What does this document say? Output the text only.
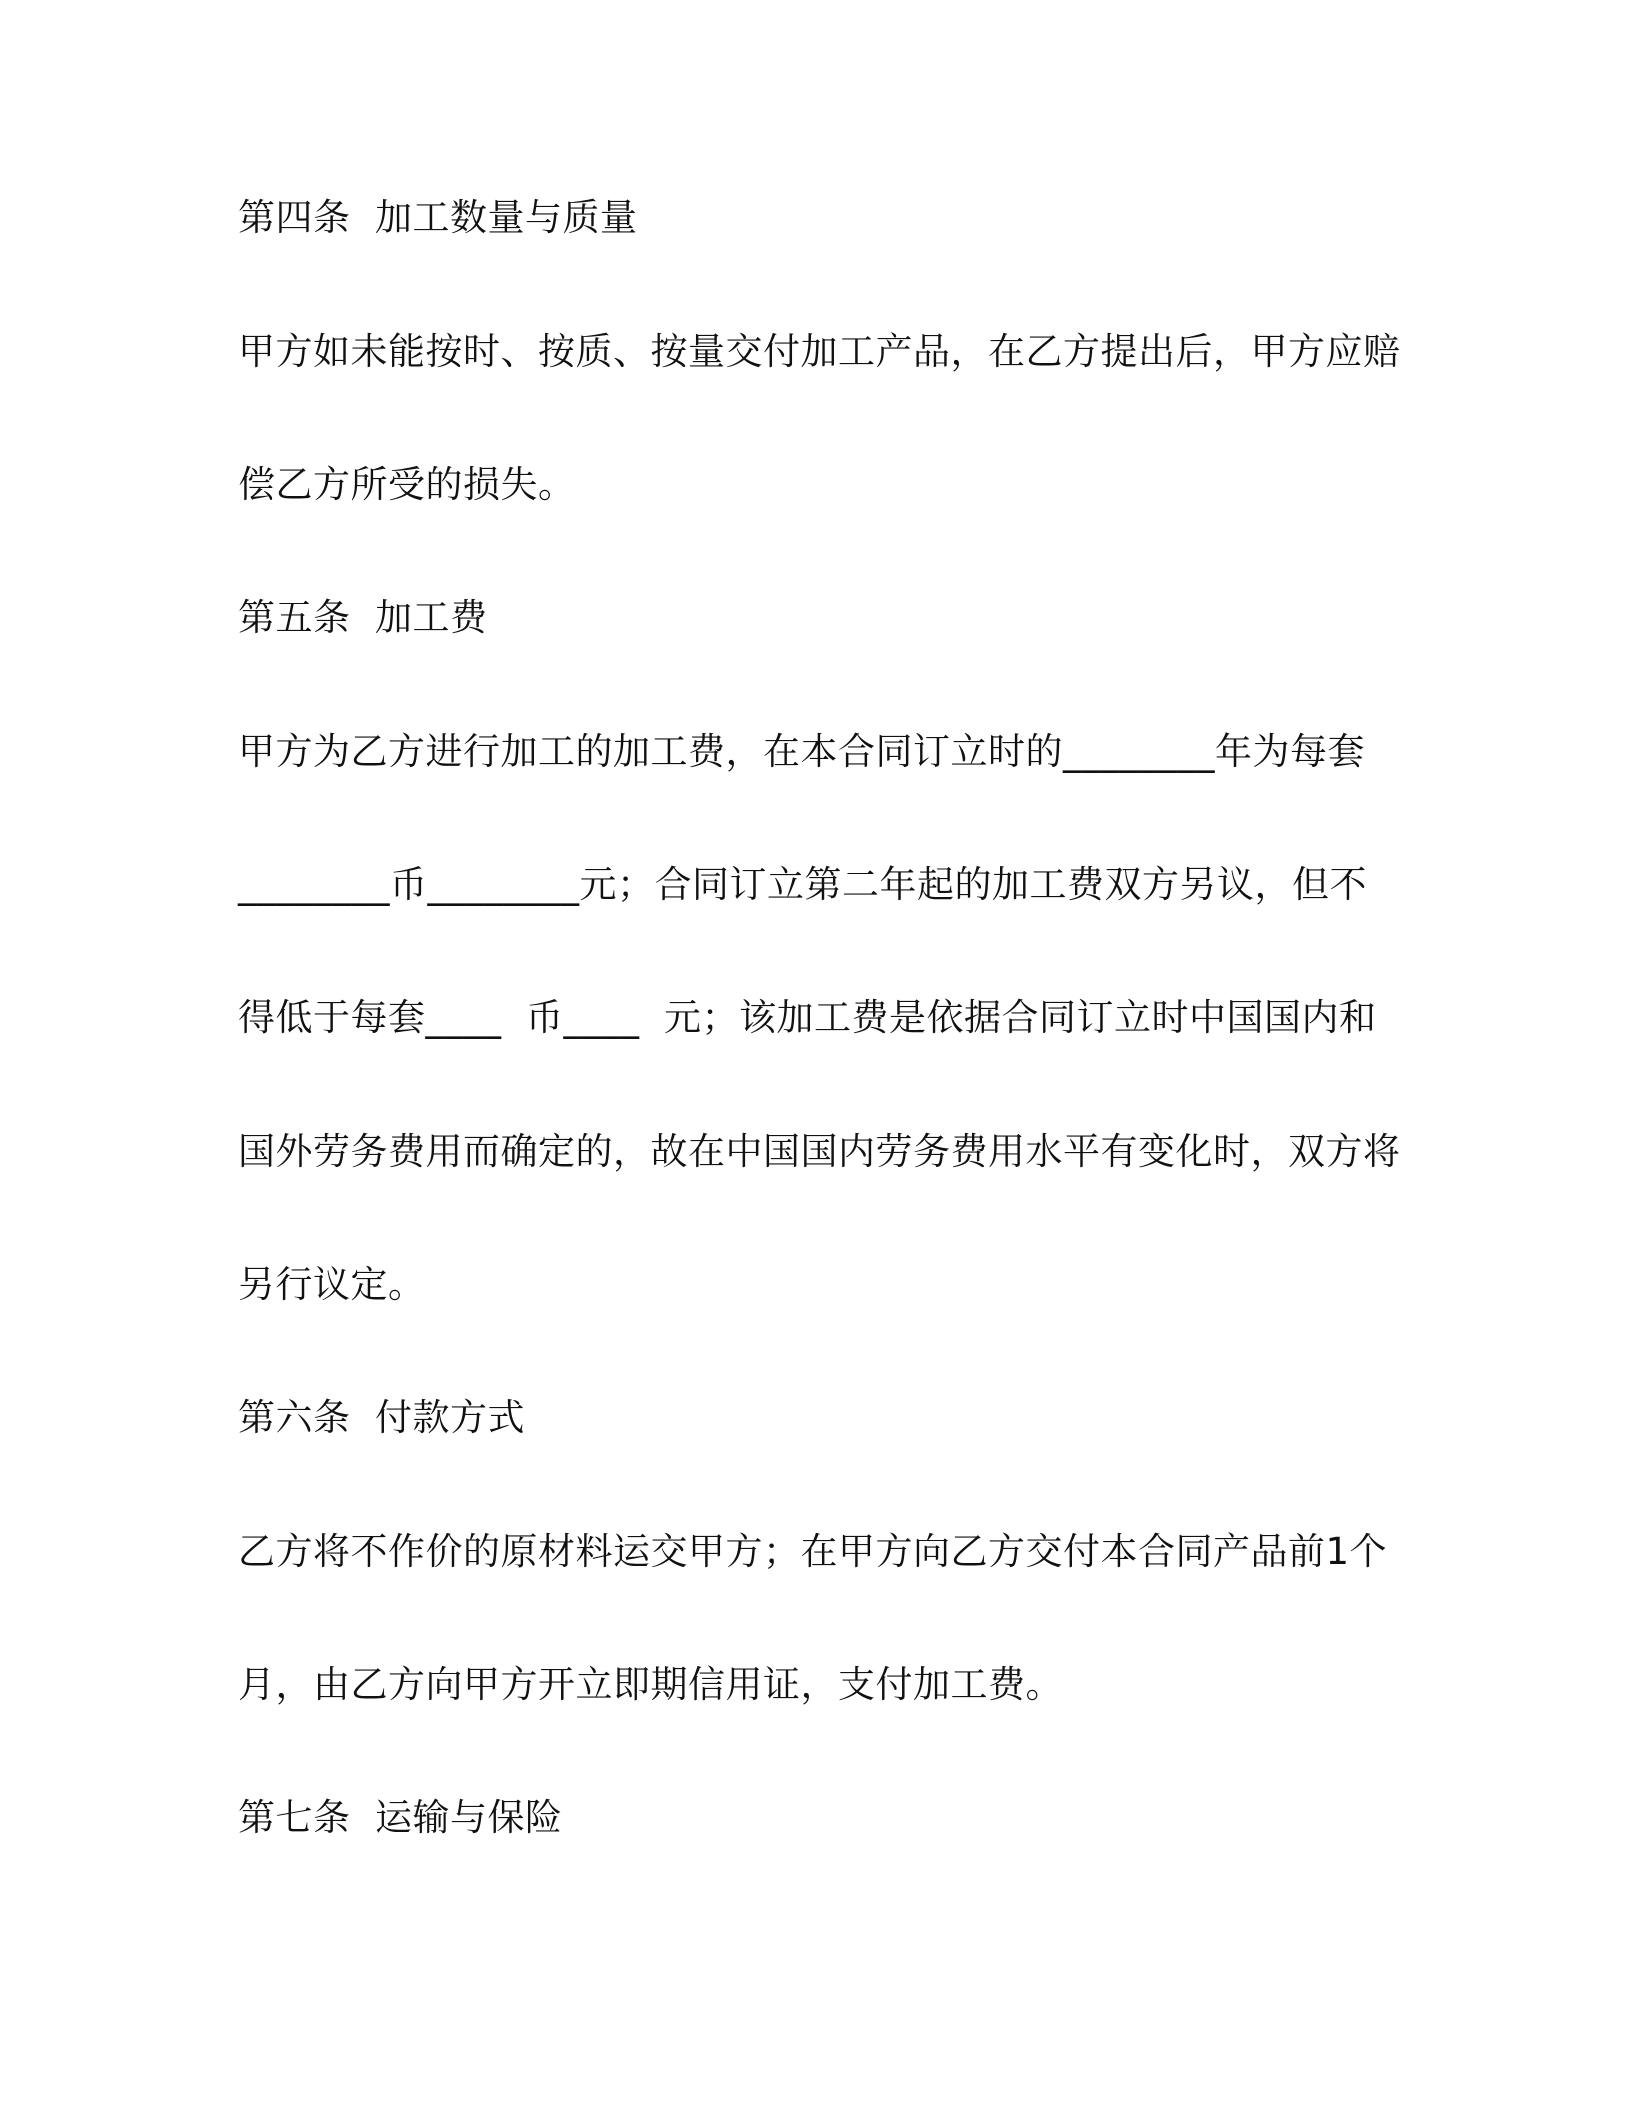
第四条  加工数量与质量
甲方如未能按时、按质、按量交付加工产品，在乙方提出后，甲方应赔
偿乙方所受的损失。
第五条  加工费
甲方为乙方进行加工的加工费，在本合同订立时的________年为每套
________币________元；合同订立第二年起的加工费双方另议，但不
得低于每套____  币____  元；该加工费是依据合同订立时中国国内和
国外劳务费用而确定的，故在中国国内劳务费用水平有变化时，双方将
另行议定。
第六条  付款方式
乙方将不作价的原材料运交甲方；在甲方向乙方交付本合同产品前1个
月，由乙方向甲方开立即期信用证，支付加工费。
第七条  运输与保险
